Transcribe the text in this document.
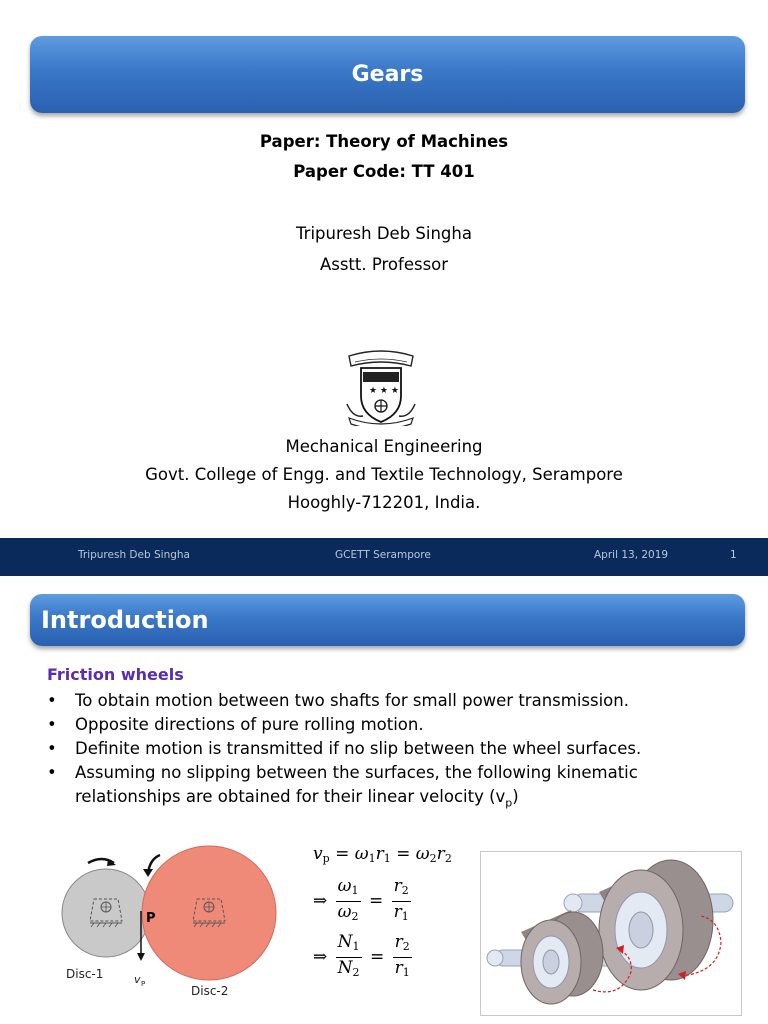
Gears
Paper: Theory of Machines
Paper Code: TT 401
Tripuresh Deb Singha
Asstt. Professor
★ ★ ★
Mechanical Engineering
Govt. College of Engg. and Textile Technology, Serampore
Hooghly-712201, India.
Tripuresh Deb Singha	GCETT Serampore	April 13, 2019	1
Introduction
Friction wheels
• To obtain motion between two shafts for small power transmission.
• Opposite directions of pure rolling motion.
• Definite motion is transmitted if no slip between the wheel surfaces.
• Assuming no slipping between the surfaces, the following kinematic relationships are obtained for their linear velocity $(v_p)$
P
Disc-1	v P	Disc-2
$v_p = \omega_1r_1 = \omega_2r_2$
⇒ $\frac{\omega_1}{\omega_2} = \frac{r_2}{r_1}$
⇒ $\frac{N_1}{N_2} = \frac{r_2}{r_1}$
